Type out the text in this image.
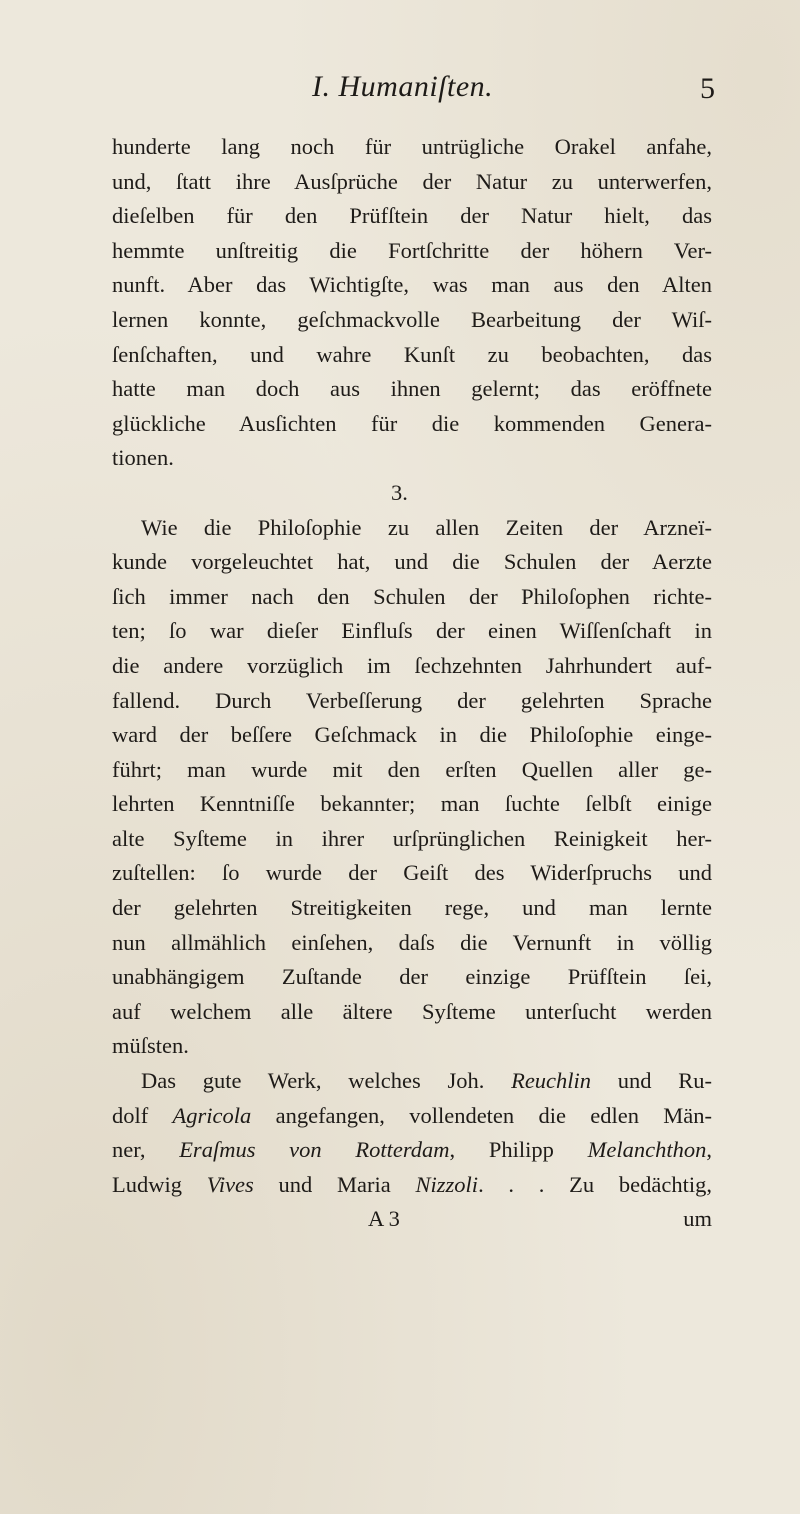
I. Humaniſten.	5
hunderte lang noch für untrügliche Orakel anfahe,
und, ſtatt ihre Ausſprüche der Natur zu unterwerfen,
dieſelben für den Prüfſtein der Natur hielt, das
hemmte unſtreitig die Fortſchritte der höhern Ver-
nunft. Aber das Wichtigſte, was man aus den Alten
lernen konnte, geſchmackvolle Bearbeitung der Wiſ-
ſenſchaften, und wahre Kunſt zu beobachten, das
hatte man doch aus ihnen gelernt; das eröffnete
glückliche Ausſichten für die kommenden Genera-
tionen.
3.
Wie die Philoſophie zu allen Zeiten der Arzneï-
kunde vorgeleuchtet hat, und die Schulen der Aerzte
ſich immer nach den Schulen der Philoſophen richte-
ten; ſo war dieſer Einfluſs der einen Wiſſenſchaft in
die andere vorzüglich im ſechzehnten Jahrhundert auf-
fallend. Durch Verbeſſerung der gelehrten Sprache
ward der beſſere Geſchmack in die Philoſophie einge-
führt; man wurde mit den erſten Quellen aller ge-
lehrten Kenntniſſe bekannter; man ſuchte ſelbſt einige
alte Syſteme in ihrer urſprünglichen Reinigkeit her-
zuſtellen: ſo wurde der Geiſt des Widerſpruchs und
der gelehrten Streitigkeiten rege, und man lernte
nun allmählich einſehen, daſs die Vernunft in völlig
unabhängigem Zuſtande der einzige Prüfſtein ſei,
auf welchem alle ältere Syſteme unterſucht werden
müſsten.
Das gute Werk, welches Joh. Reuchlin und Ru-
dolf Agricola angefangen, vollendeten die edlen Män-
ner, Eraſmus von Rotterdam, Philipp Melanchthon,
Ludwig Vives und Maria Nizzoli. . . Zu bedächtig,
A 3	um
